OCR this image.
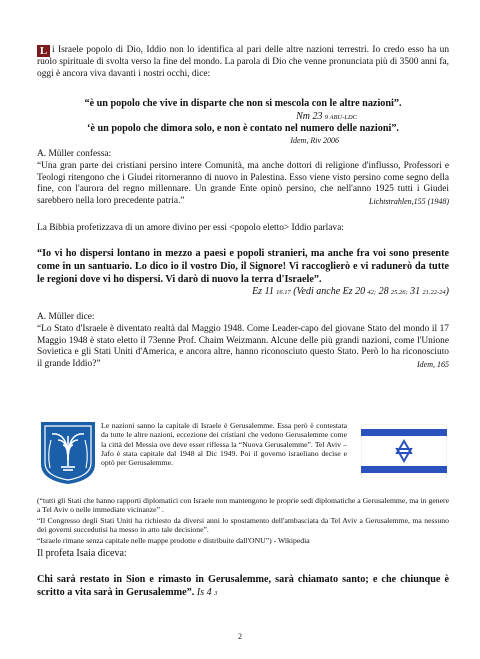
L i Israele popolo di Dio, Iddio non lo identifica al pari delle altre nazioni terrestri. Io credo esso ha un ruolo spirituale di svolta verso la fine del mondo. La parola di Dio che venne pronunciata più di 3500 anni fa, oggi è ancora viva davanti i nostri occhi, dice:

“è un popolo che vive in disparte che non si mescola con le altre nazioni”.

Nm 23 9 ABU-LDC

‘è un popolo che dimora solo, e non è contato nel numero delle nazioni”.

Idem, Riv 2006

A. Müller confessa:

“Una gran parte dei cristiani persino intere Comunità, ma anche dottori di religione d'influsso, Professori e Teologi ritengono che i Giudei ritorneranno di nuovo in Palestina. Esso viene visto persino come segno della fine, con l'aurora del regno millennare. Un grande Ente opinò persino, che nell'anno 1925 tutti i Giudei sarebbero nella loro precedente patria.”	Lichtstrahlen,155 (1948)

La Bibbia profetizzava di un amore divino per essi <popolo eletto> Iddio parlava:

“Io vi ho dispersi lontano in mezzo a paesi e popoli stranieri, ma anche fra voi sono presente come in un santuario. Lo dico io il vostro Dio, il Signore! Vi raccoglierò e vi radunerò da tutte le regioni dove vi ho dispersi. Vi darò di nuovo la terra d'Israele”.

Ez 11 16.17 (Vedi anche Ez 20 42; 28 25.26; 31 21.22-24)

A. Müller dice:

“Lo Stato d'Israele è diventato realtà dal Maggio 1948. Come Leader-capo del giovane Stato del mondo il 17 Maggio 1948 è stato eletto il 73enne Prof. Chaim Weizmann. Alcune delle più grandi nazioni, come l'Unione Sovietica e gli Stati Uniti d'America, e ancora altre, hanno riconosciuto questo Stato. Però lo ha riconosciuto il grande Iddio?”	Idem, 165

Le nazioni sanno la capitale di Israele è Gerusalemme. Essa però è contestata da tutte le altre nazioni, eccezione dei cristiani che vedono Gerusalemme come la città del Messia ove deve esser riflessa la “Nuova Gerusalemme”. Tel Aviv – Jafo è stata capitale dal 1948 al Dic 1949. Poi il governo israeliano decise e optò per Gerusalemme.

(“tutti gli Stati che hanno rapporti diplomatici con Israele non mantengono le proprie sedi diplomatiche a Gerusalemme, ma in genere a Tel Aviv o nelle immediate vicinanze” .

“Il Congresso degli Stati Uniti ha richiesto da diversi anni lo spostamento dell'ambasciata da Tel Aviv a Gerusalemme, ma nessuno dei governi succedutisi ha messo in atto tale decisione”.

“Israele rimane senza capitale nelle mappe prodotte e distribuite dall'ONU”) - Wikipedia

Il profeta Isaia diceva:

Chi sarà restato in Sion e rimasto in Gerusalemme, sarà chiamato santo; e che chiunque è scritto a vita sarà in Gerusalemme”. Is 4 3

2
